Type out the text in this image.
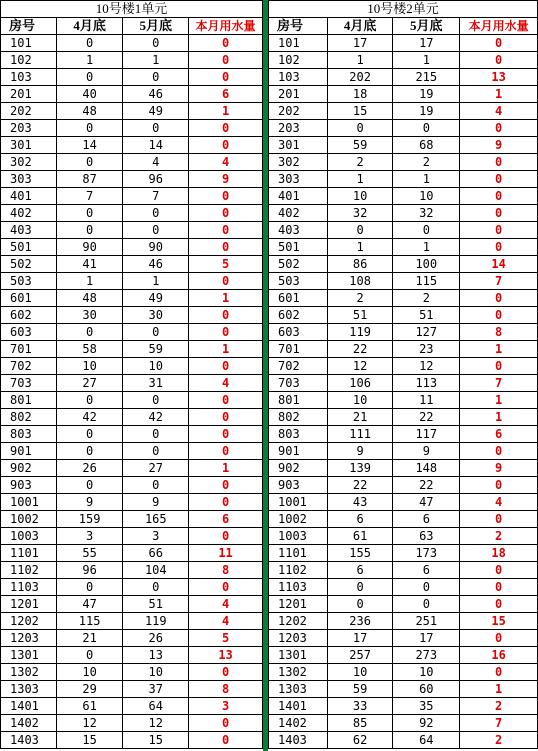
10号楼1单元			
房号	4月底	5月底	本月用水量
101	0	0	0
102	1	1	0
103	0	0	0
201	40	46	6
202	48	49	1
203	0	0	0
301	14	14	0
302	0	4	4
303	87	96	9
401	7	7	0
402	0	0	0
403	0	0	0
501	90	90	0
502	41	46	5
503	1	1	0
601	48	49	1
602	30	30	0
603	0	0	0
701	58	59	1
702	10	10	0
703	27	31	4
801	0	0	0
802	42	42	0
803	0	0	0
901	0	0	0
902	26	27	1
903	0	0	0
1001	9	9	0
1002	159	165	6
1003	3	3	0
1101	55	66	11
1102	96	104	8
1103	0	0	0
1201	47	51	4
1202	115	119	4
1203	21	26	5
1301	0	13	13
1302	10	10	0
1303	29	37	8
1401	61	64	3
1402	12	12	0
1403	15	15	0
10号楼2单元			
房号	4月底	5月底	本月用水量
101	17	17	0
102	1	1	0
103	202	215	13
201	18	19	1
202	15	19	4
203	0	0	0
301	59	68	9
302	2	2	0
303	1	1	0
401	10	10	0
402	32	32	0
403	0	0	0
501	1	1	0
502	86	100	14
503	108	115	7
601	2	2	0
602	51	51	0
603	119	127	8
701	22	23	1
702	12	12	0
703	106	113	7
801	10	11	1
802	21	22	1
803	111	117	6
901	9	9	0
902	139	148	9
903	22	22	0
1001	43	47	4
1002	6	6	0
1003	61	63	2
1101	155	173	18
1102	6	6	0
1103	0	0	0
1201	0	0	0
1202	236	251	15
1203	17	17	0
1301	257	273	16
1302	10	10	0
1303	59	60	1
1401	33	35	2
1402	85	92	7
1403	62	64	2
